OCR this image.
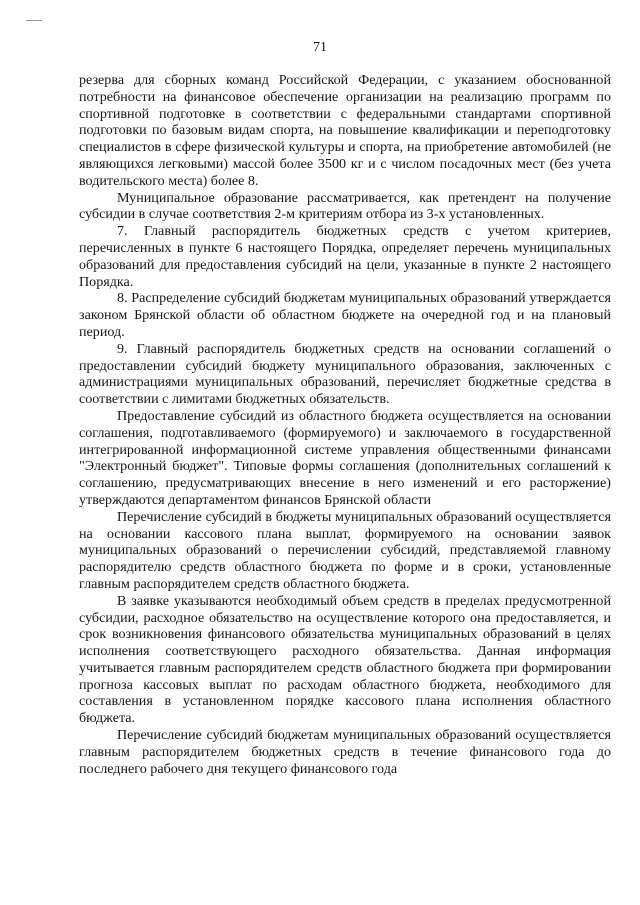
71

резерва для сборных команд Российской Федерации, с указанием обоснованной потребности на финансовое обеспечение организации на реализацию программ по спортивной подготовке в соответствии с федеральными стандартами спортивной подготовки по базовым видам спорта, на повышение квалификации и переподготовку специалистов в сфере физической культуры и спорта, на приобретение автомобилей (не являющихся легковыми) массой более 3500 кг и с числом посадочных мест (без учета водительского места) более 8.

Муниципальное образование рассматривается, как претендент на получение субсидии в случае соответствия 2-м критериям отбора из 3-х установленных.

7. Главный распорядитель бюджетных средств с учетом критериев, перечисленных в пункте 6 настоящего Порядка, определяет перечень муниципальных образований для предоставления субсидий на цели, указанные в пункте 2 настоящего Порядка.

8. Распределение субсидий бюджетам муниципальных образований утверждается законом Брянской области об областном бюджете на очередной год и на плановый период.

9. Главный распорядитель бюджетных средств на основании соглашений о предоставлении субсидий бюджету муниципального образования, заключенных с администрациями муниципальных образований, перечисляет бюджетные средства в соответствии с лимитами бюджетных обязательств.

Предоставление субсидий из областного бюджета осуществляется на основании соглашения, подготавливаемого (формируемого) и заключаемого в государственной интегрированной информационной системе управления общественными финансами "Электронный бюджет". Типовые формы соглашения (дополнительных соглашений к соглашению, предусматривающих внесение в него изменений и его расторжение) утверждаются департаментом финансов Брянской области

Перечисление субсидий в бюджеты муниципальных образований осуществляется на основании кассового плана выплат, формируемого на основании заявок муниципальных образований о перечислении субсидий, представляемой главному распорядителю средств областного бюджета по форме и в сроки, установленные главным распорядителем средств областного бюджета.

В заявке указываются необходимый объем средств в пределах предусмотренной субсидии, расходное обязательство на осуществление которого она предоставляется, и срок возникновения финансового обязательства муниципальных образований в целях исполнения соответствующего расходного обязательства. Данная информация учитывается главным распорядителем средств областного бюджета при формировании прогноза кассовых выплат по расходам областного бюджета, необходимого для составления в установленном порядке кассового плана исполнения областного бюджета.

Перечисление субсидий бюджетам муниципальных образований осуществляется главным распорядителем бюджетных средств в течение финансового года до последнего рабочего дня текущего финансового года
